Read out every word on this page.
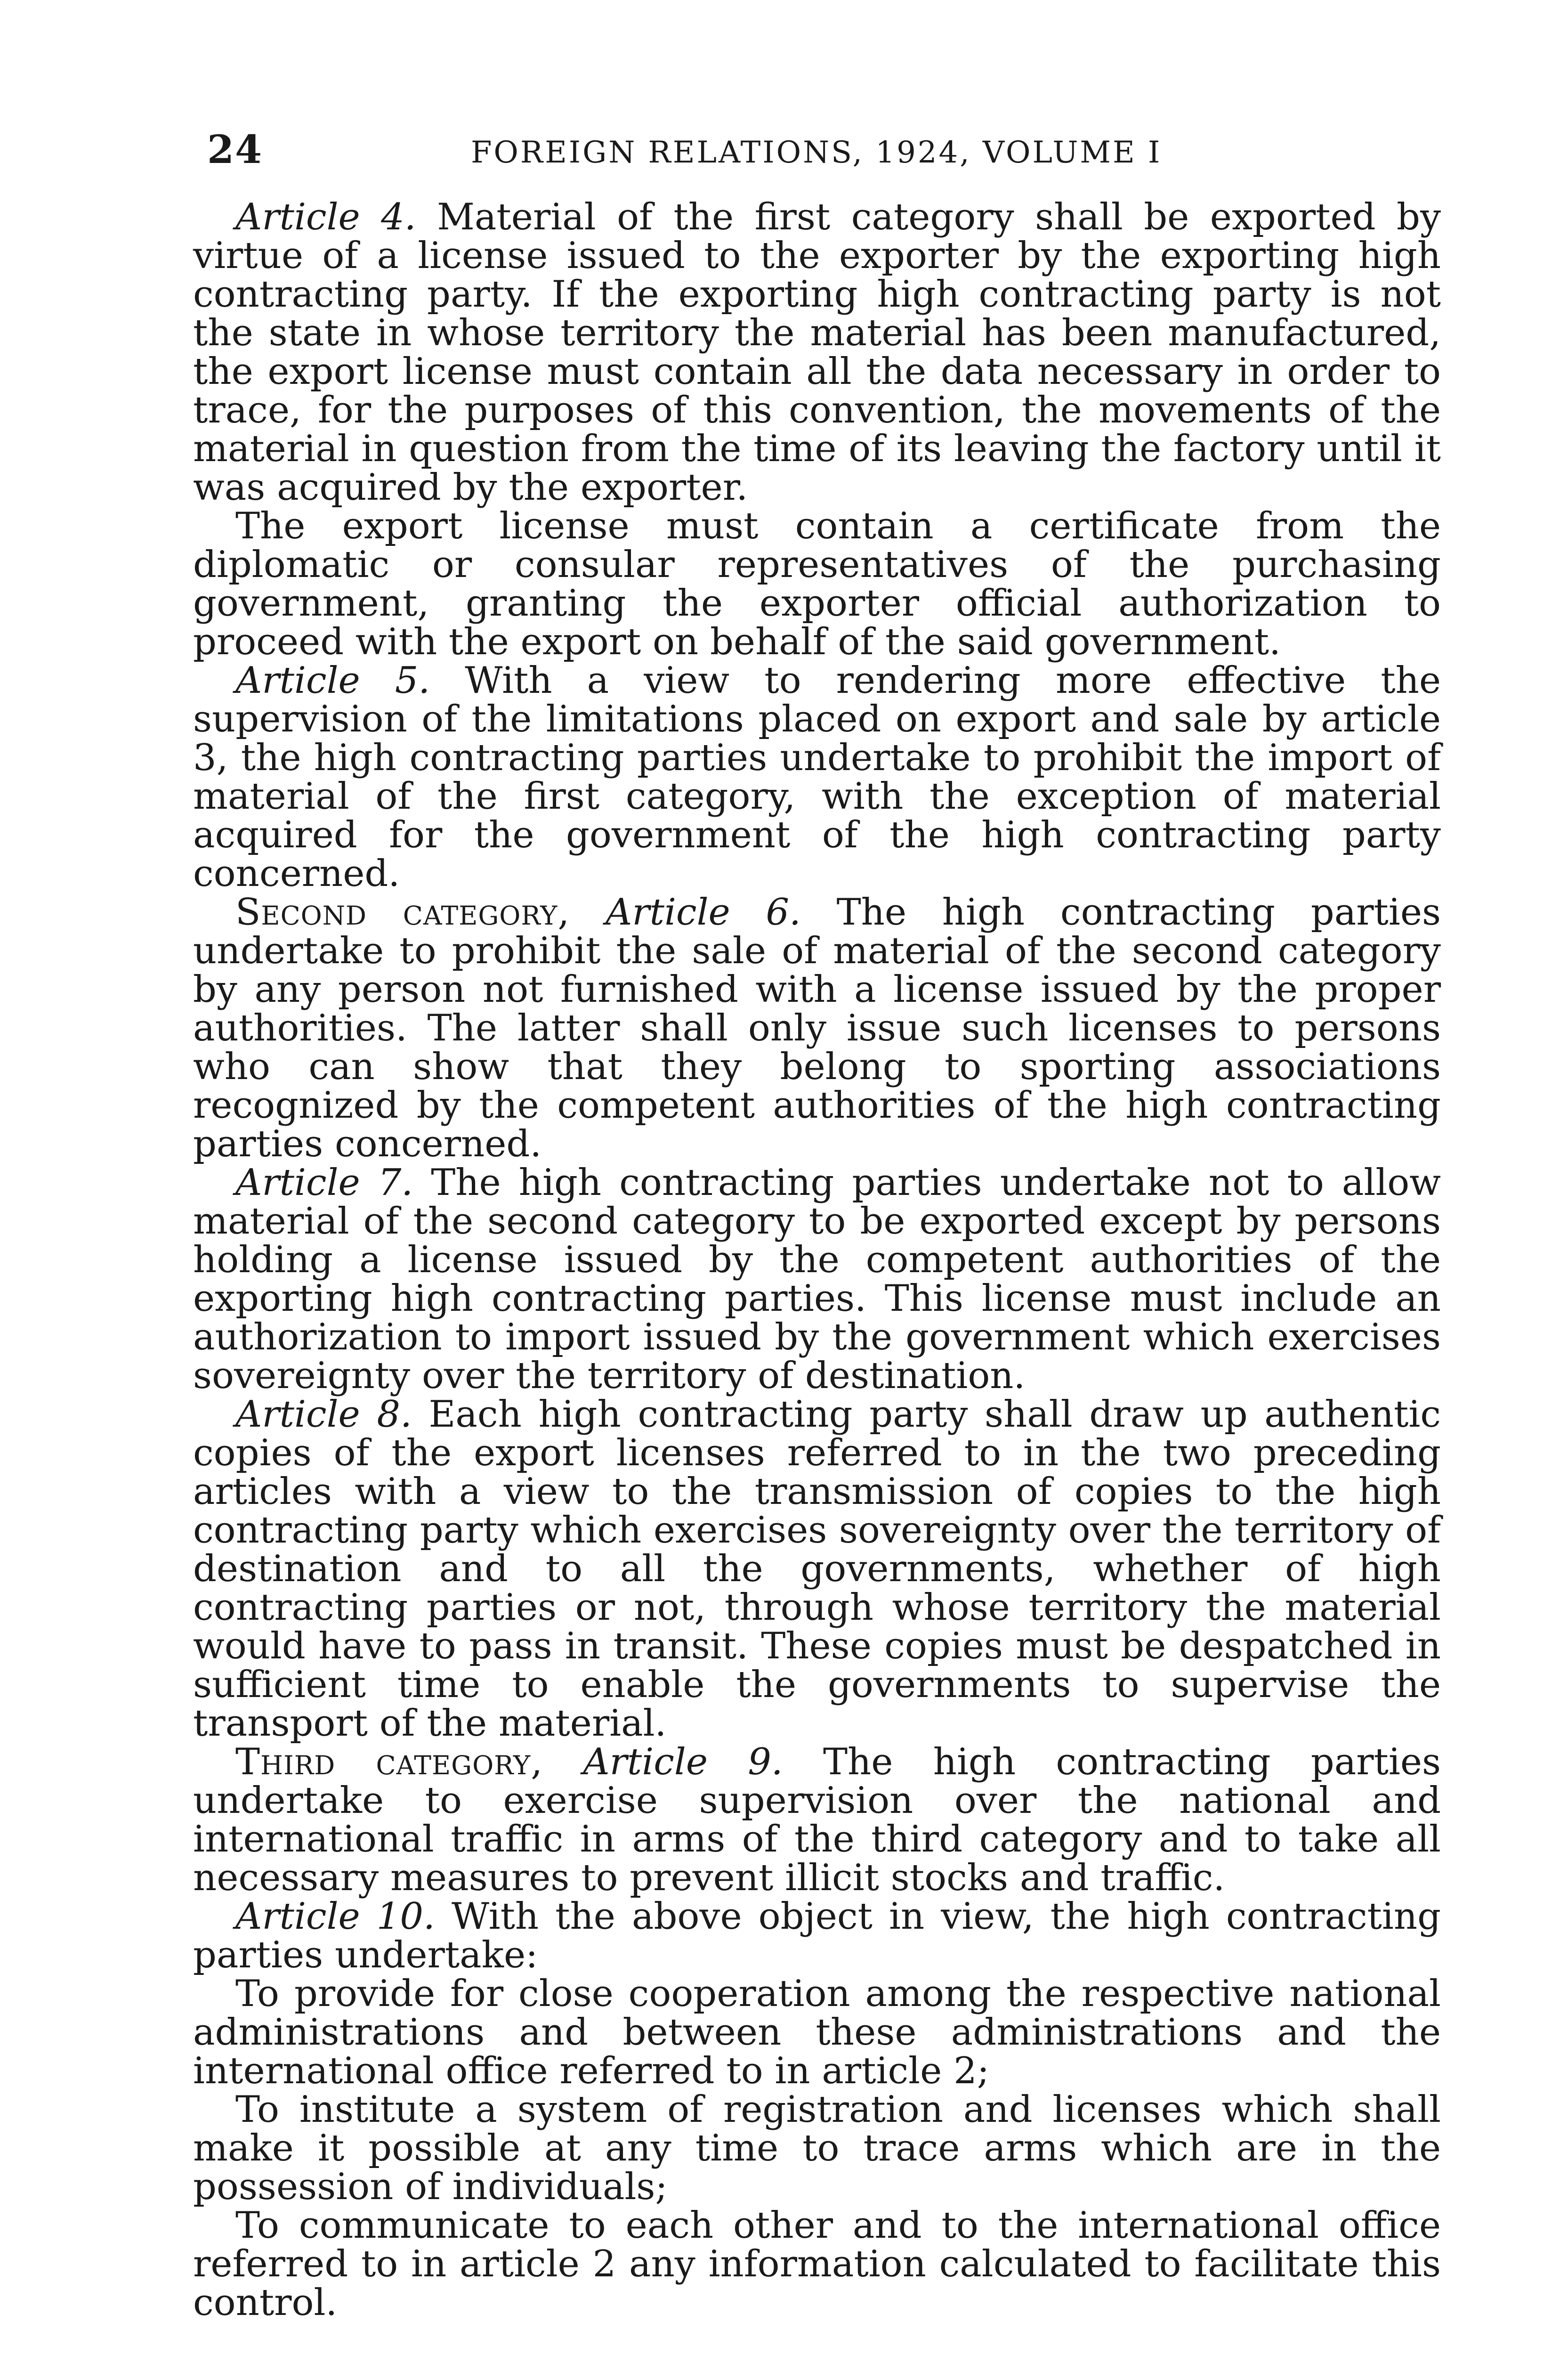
24	FOREIGN RELATIONS, 1924, VOLUME I

Article 4. Material of the first category shall be exported by virtue of a license issued to the exporter by the exporting high contracting party. If the exporting high contracting party is not the state in whose territory the material has been manufactured, the export license must contain all the data necessary in order to trace, for the purposes of this convention, the movements of the material in question from the time of its leaving the factory until it was acquired by the exporter.

The export license must contain a certificate from the diplomatic or consular representatives of the purchasing government, granting the exporter official authorization to proceed with the export on behalf of the said government.

Article 5. With a view to rendering more effective the supervision of the limitations placed on export and sale by article 3, the high contracting parties undertake to prohibit the import of material of the first category, with the exception of material acquired for the government of the high contracting party concerned.

Second category, Article 6. The high contracting parties undertake to prohibit the sale of material of the second category by any person not furnished with a license issued by the proper authorities. The latter shall only issue such licenses to persons who can show that they belong to sporting associations recognized by the competent authorities of the high contracting parties concerned.

Article 7. The high contracting parties undertake not to allow material of the second category to be exported except by persons holding a license issued by the competent authorities of the exporting high contracting parties. This license must include an authorization to import issued by the government which exercises sovereignty over the territory of destination.

Article 8. Each high contracting party shall draw up authentic copies of the export licenses referred to in the two preceding articles with a view to the transmission of copies to the high contracting party which exercises sovereignty over the territory of destination and to all the governments, whether of high contracting parties or not, through whose territory the material would have to pass in transit. These copies must be despatched in sufficient time to enable the governments to supervise the transport of the material.

Third category, Article 9. The high contracting parties undertake to exercise supervision over the national and international traffic in arms of the third category and to take all necessary measures to prevent illicit stocks and traffic.

Article 10. With the above object in view, the high contracting parties undertake:

To provide for close cooperation among the respective national administrations and between these administrations and the international office referred to in article 2;

To institute a system of registration and licenses which shall make it possible at any time to trace arms which are in the possession of individuals;

To communicate to each other and to the international office referred to in article 2 any information calculated to facilitate this control.
